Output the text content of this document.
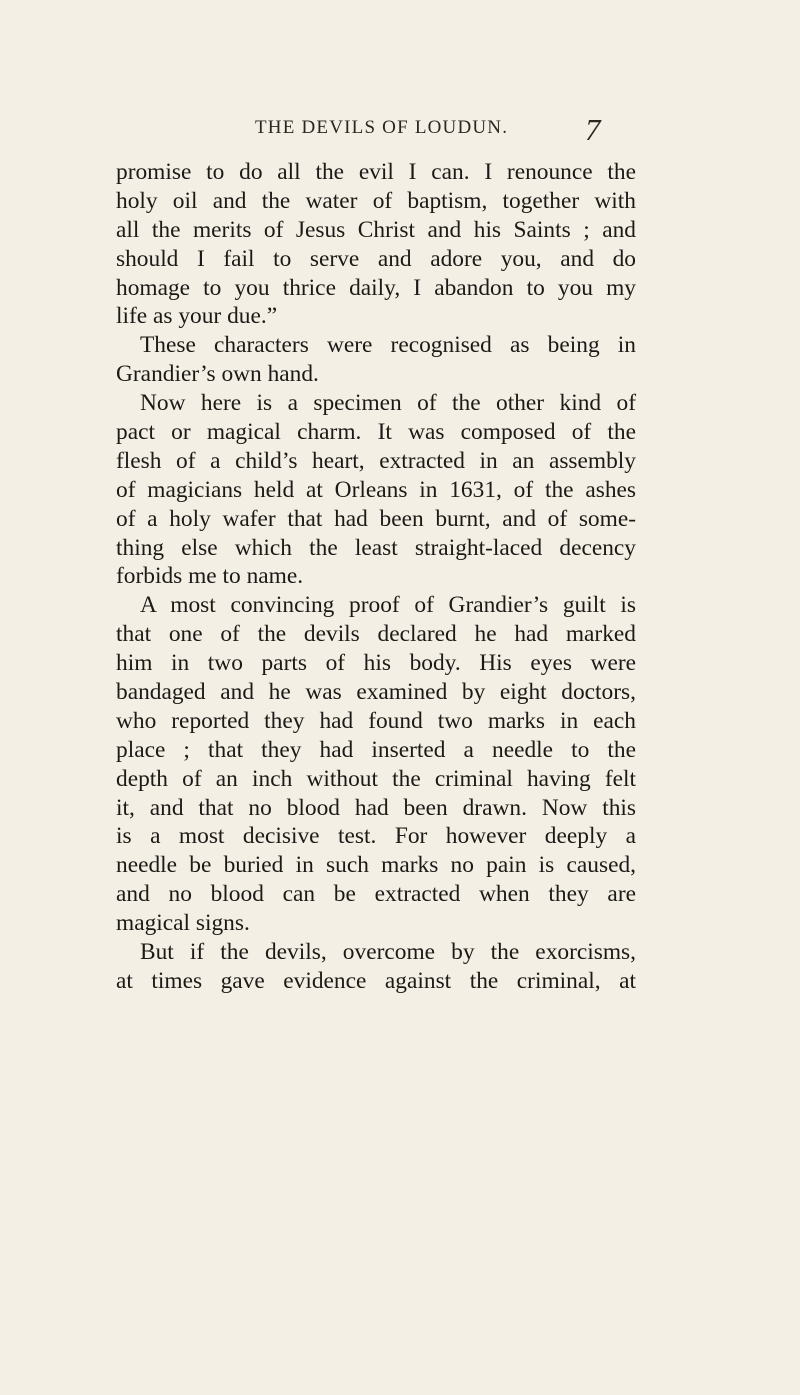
THE DEVILS OF LOUDUN. 7
promise to do all the evil I can. I renounce the
holy oil and the water of baptism, together with
all the merits of Jesus Christ and his Saints ; and
should I fail to serve and adore you, and do
homage to you thrice daily, I abandon to you my
life as your due.”
These characters were recognised as being in
Grandier’s own hand.
Now here is a specimen of the other kind of
pact or magical charm. It was composed of the
flesh of a child’s heart, extracted in an assembly
of magicians held at Orleans in 1631, of the ashes
of a holy wafer that had been burnt, and of some-
thing else which the least straight-laced decency
forbids me to name.
A most convincing proof of Grandier’s guilt is
that one of the devils declared he had marked
him in two parts of his body. His eyes were
bandaged and he was examined by eight doctors,
who reported they had found two marks in each
place ; that they had inserted a needle to the
depth of an inch without the criminal having felt
it, and that no blood had been drawn. Now this
is a most decisive test. For however deeply a
needle be buried in such marks no pain is caused,
and no blood can be extracted when they are
magical signs.
But if the devils, overcome by the exorcisms,
at times gave evidence against the criminal, at
